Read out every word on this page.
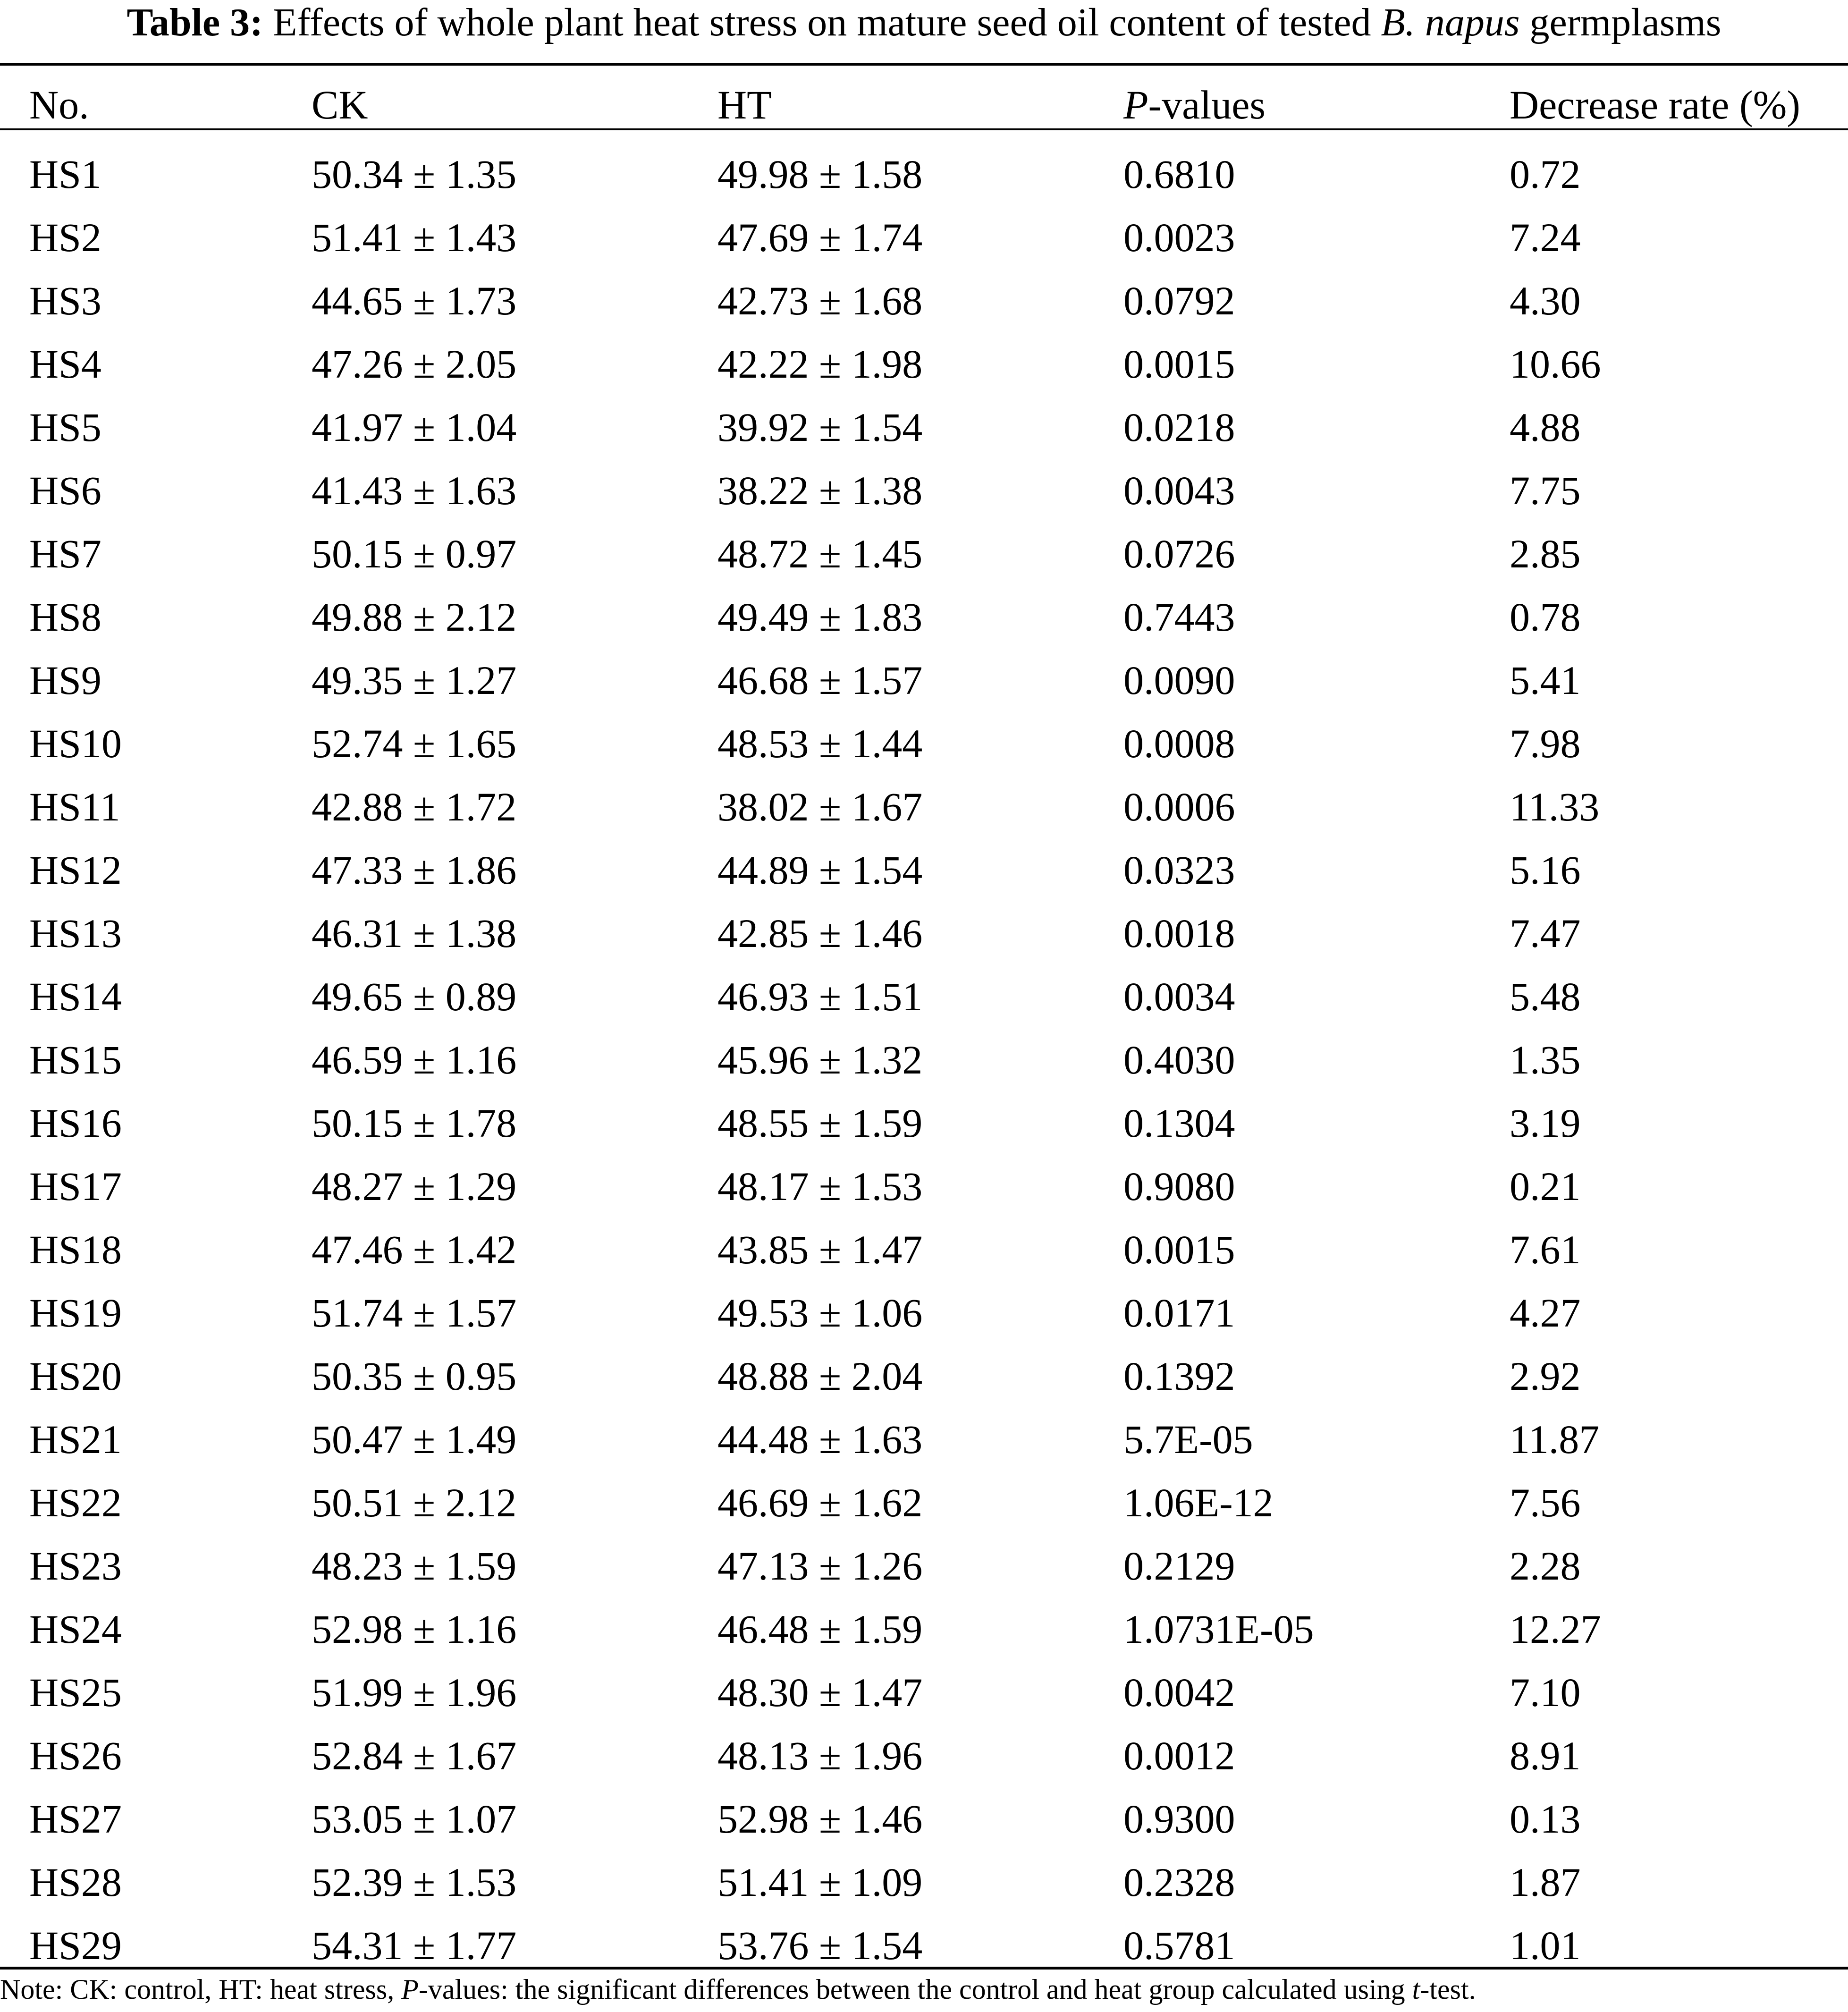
Table 3: Effects of whole plant heat stress on mature seed oil content of tested B. napus germplasms
No.	CK	HT	P-values	Decrease rate (%)
HS1	50.34 ± 1.35	49.98 ± 1.58	0.6810	0.72
HS2	51.41 ± 1.43	47.69 ± 1.74	0.0023	7.24
HS3	44.65 ± 1.73	42.73 ± 1.68	0.0792	4.30
HS4	47.26 ± 2.05	42.22 ± 1.98	0.0015	10.66
HS5	41.97 ± 1.04	39.92 ± 1.54	0.0218	4.88
HS6	41.43 ± 1.63	38.22 ± 1.38	0.0043	7.75
HS7	50.15 ± 0.97	48.72 ± 1.45	0.0726	2.85
HS8	49.88 ± 2.12	49.49 ± 1.83	0.7443	0.78
HS9	49.35 ± 1.27	46.68 ± 1.57	0.0090	5.41
HS10	52.74 ± 1.65	48.53 ± 1.44	0.0008	7.98
HS11	42.88 ± 1.72	38.02 ± 1.67	0.0006	11.33
HS12	47.33 ± 1.86	44.89 ± 1.54	0.0323	5.16
HS13	46.31 ± 1.38	42.85 ± 1.46	0.0018	7.47
HS14	49.65 ± 0.89	46.93 ± 1.51	0.0034	5.48
HS15	46.59 ± 1.16	45.96 ± 1.32	0.4030	1.35
HS16	50.15 ± 1.78	48.55 ± 1.59	0.1304	3.19
HS17	48.27 ± 1.29	48.17 ± 1.53	0.9080	0.21
HS18	47.46 ± 1.42	43.85 ± 1.47	0.0015	7.61
HS19	51.74 ± 1.57	49.53 ± 1.06	0.0171	4.27
HS20	50.35 ± 0.95	48.88 ± 2.04	0.1392	2.92
HS21	50.47 ± 1.49	44.48 ± 1.63	5.7E-05	11.87
HS22	50.51 ± 2.12	46.69 ± 1.62	1.06E-12	7.56
HS23	48.23 ± 1.59	47.13 ± 1.26	0.2129	2.28
HS24	52.98 ± 1.16	46.48 ± 1.59	1.0731E-05	12.27
HS25	51.99 ± 1.96	48.30 ± 1.47	0.0042	7.10
HS26	52.84 ± 1.67	48.13 ± 1.96	0.0012	8.91
HS27	53.05 ± 1.07	52.98 ± 1.46	0.9300	0.13
HS28	52.39 ± 1.53	51.41 ± 1.09	0.2328	1.87
HS29	54.31 ± 1.77	53.76 ± 1.54	0.5781	1.01
Note: CK: control, HT: heat stress, P-values: the significant differences between the control and heat group calculated using t-test.
